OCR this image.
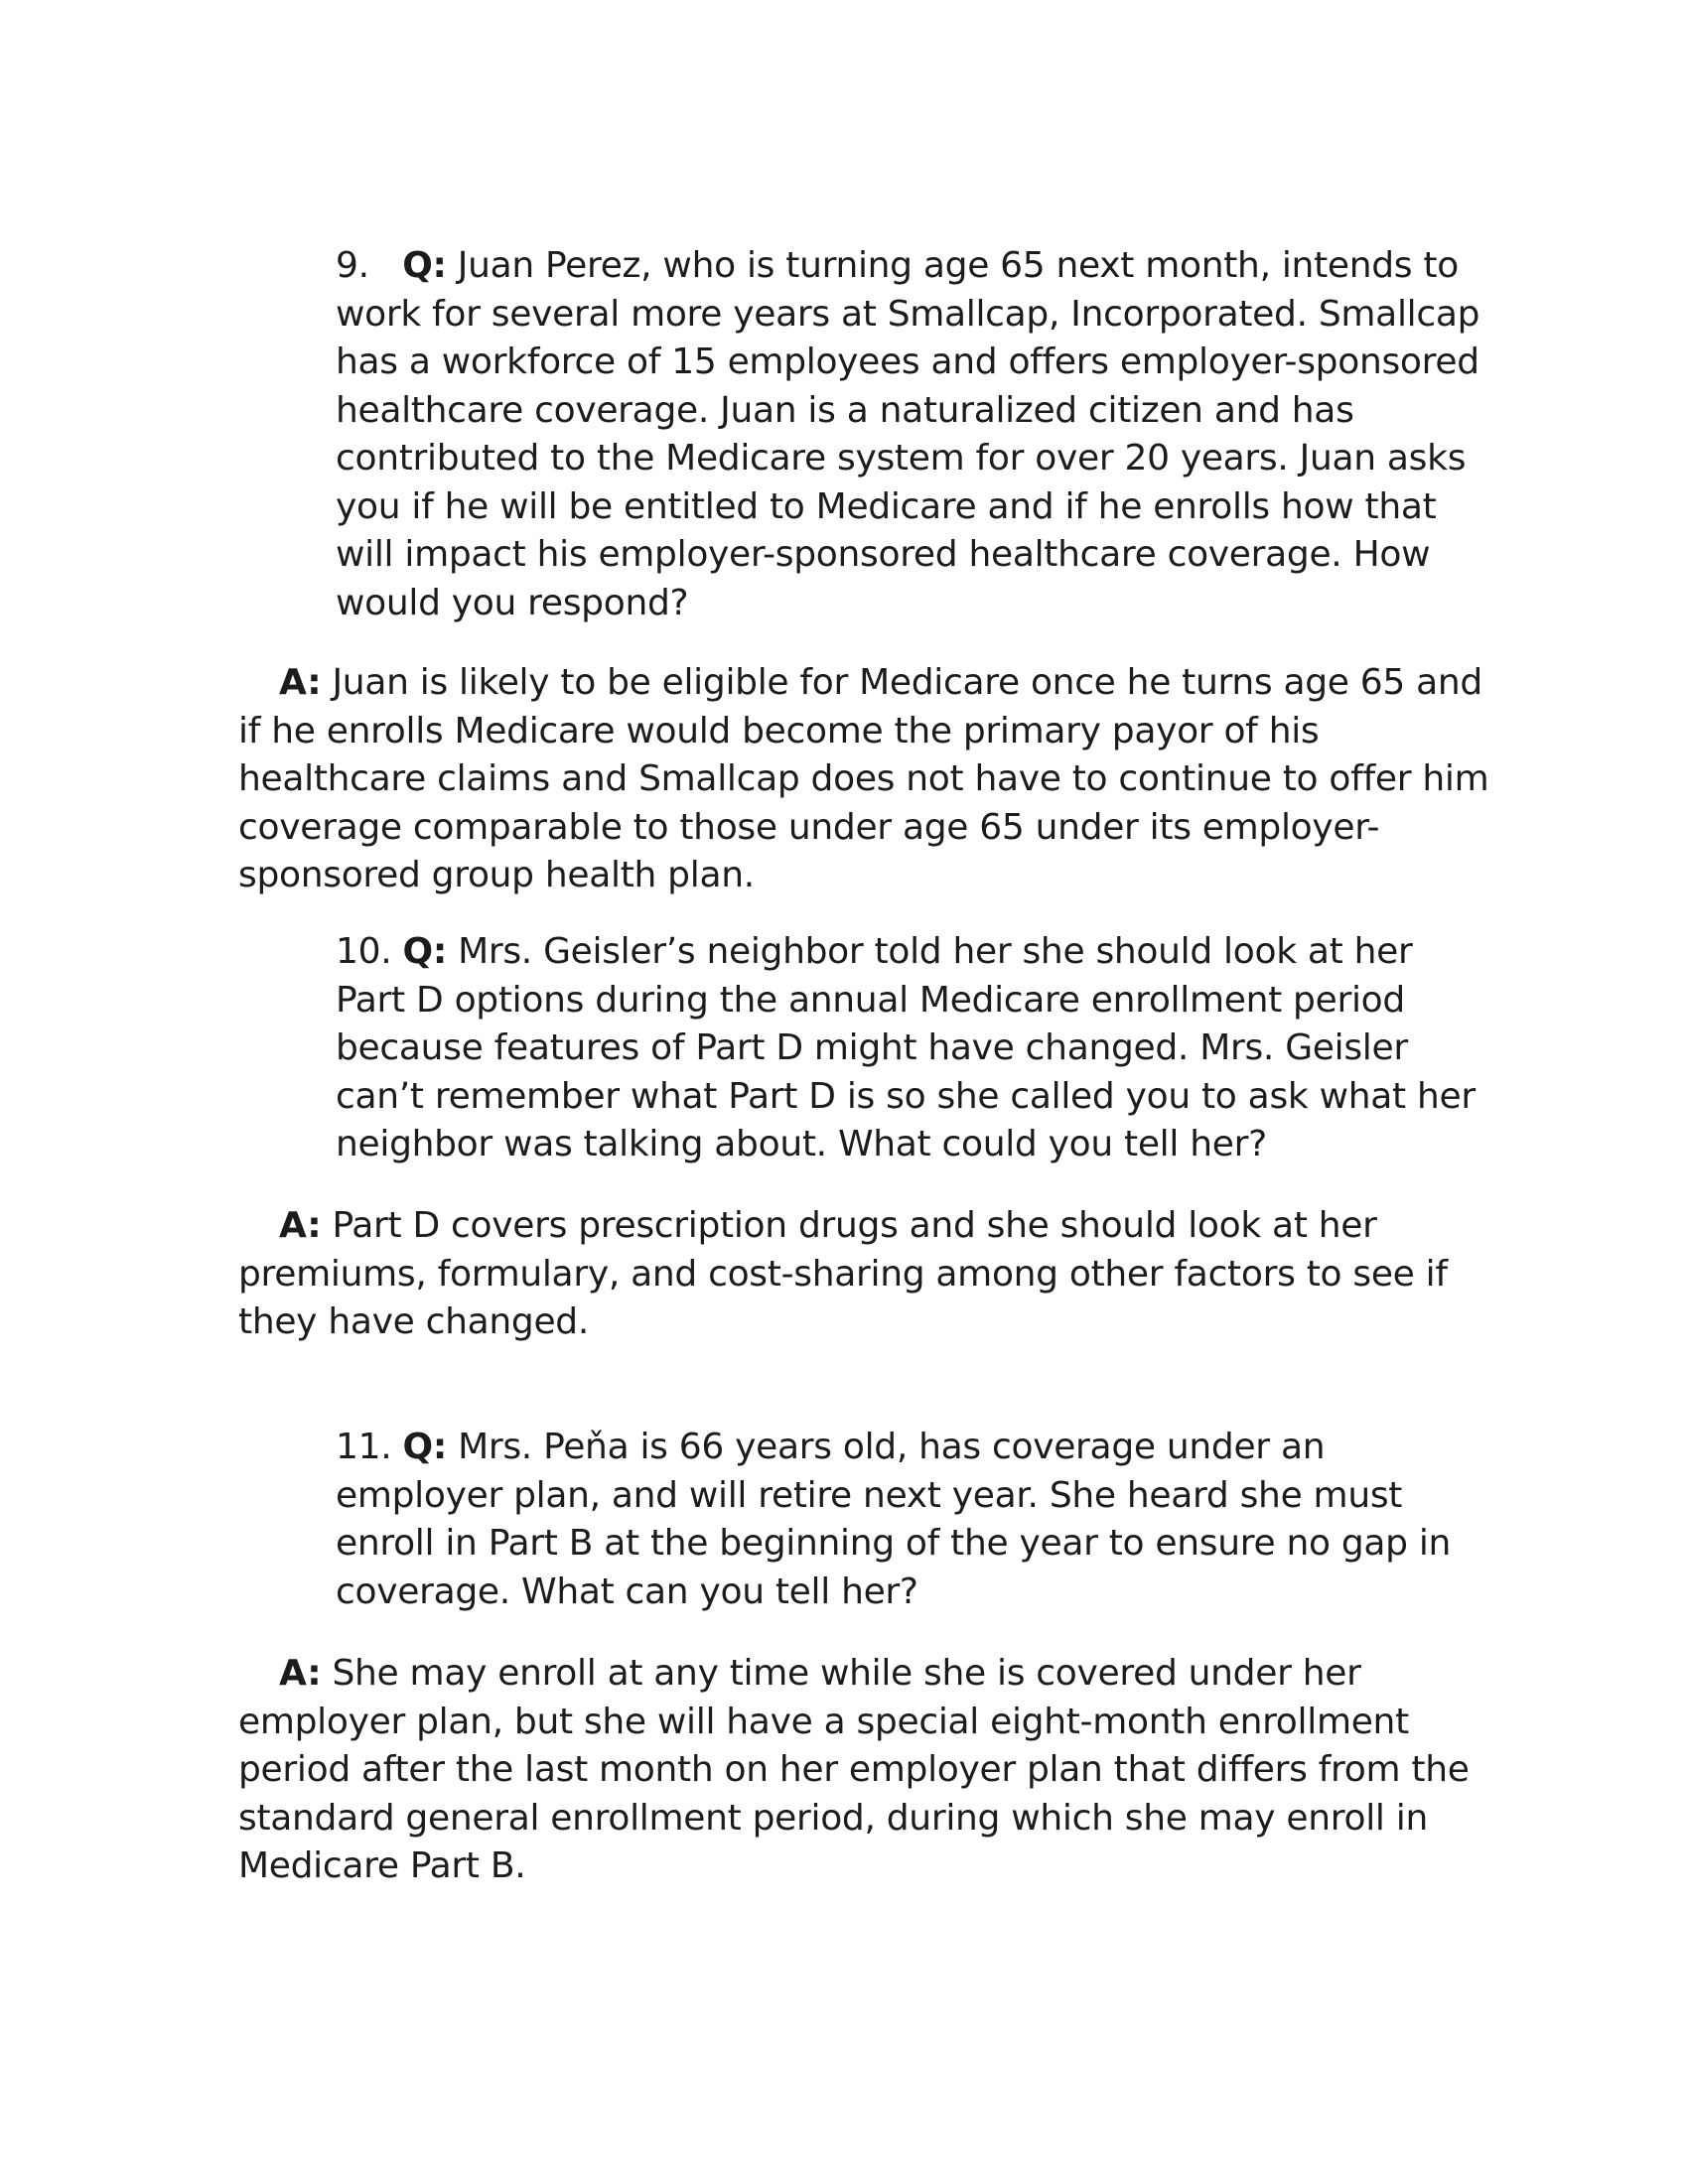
9. Q: Juan Perez, who is turning age 65 next month, intends to work for several more years at Smallcap, Incorporated. Smallcap has a workforce of 15 employees and offers employer-sponsored healthcare coverage. Juan is a naturalized citizen and has contributed to the Medicare system for over 20 years. Juan asks you if he will be entitled to Medicare and if he enrolls how that will impact his employer-sponsored healthcare coverage. How would you respond?

A: Juan is likely to be eligible for Medicare once he turns age 65 and if he enrolls Medicare would become the primary payor of his healthcare claims and Smallcap does not have to continue to offer him coverage comparable to those under age 65 under its employer-sponsored group health plan.

10. Q: Mrs. Geisler’s neighbor told her she should look at her Part D options during the annual Medicare enrollment period because features of Part D might have changed. Mrs. Geisler can’t remember what Part D is so she called you to ask what her neighbor was talking about. What could you tell her?

A: Part D covers prescription drugs and she should look at her premiums, formulary, and cost-sharing among other factors to see if they have changed.

11. Q: Mrs. Peňa is 66 years old, has coverage under an employer plan, and will retire next year. She heard she must enroll in Part B at the beginning of the year to ensure no gap in coverage. What can you tell her?

A: She may enroll at any time while she is covered under her employer plan, but she will have a special eight-month enrollment period after the last month on her employer plan that differs from the standard general enrollment period, during which she may enroll in Medicare Part B.
